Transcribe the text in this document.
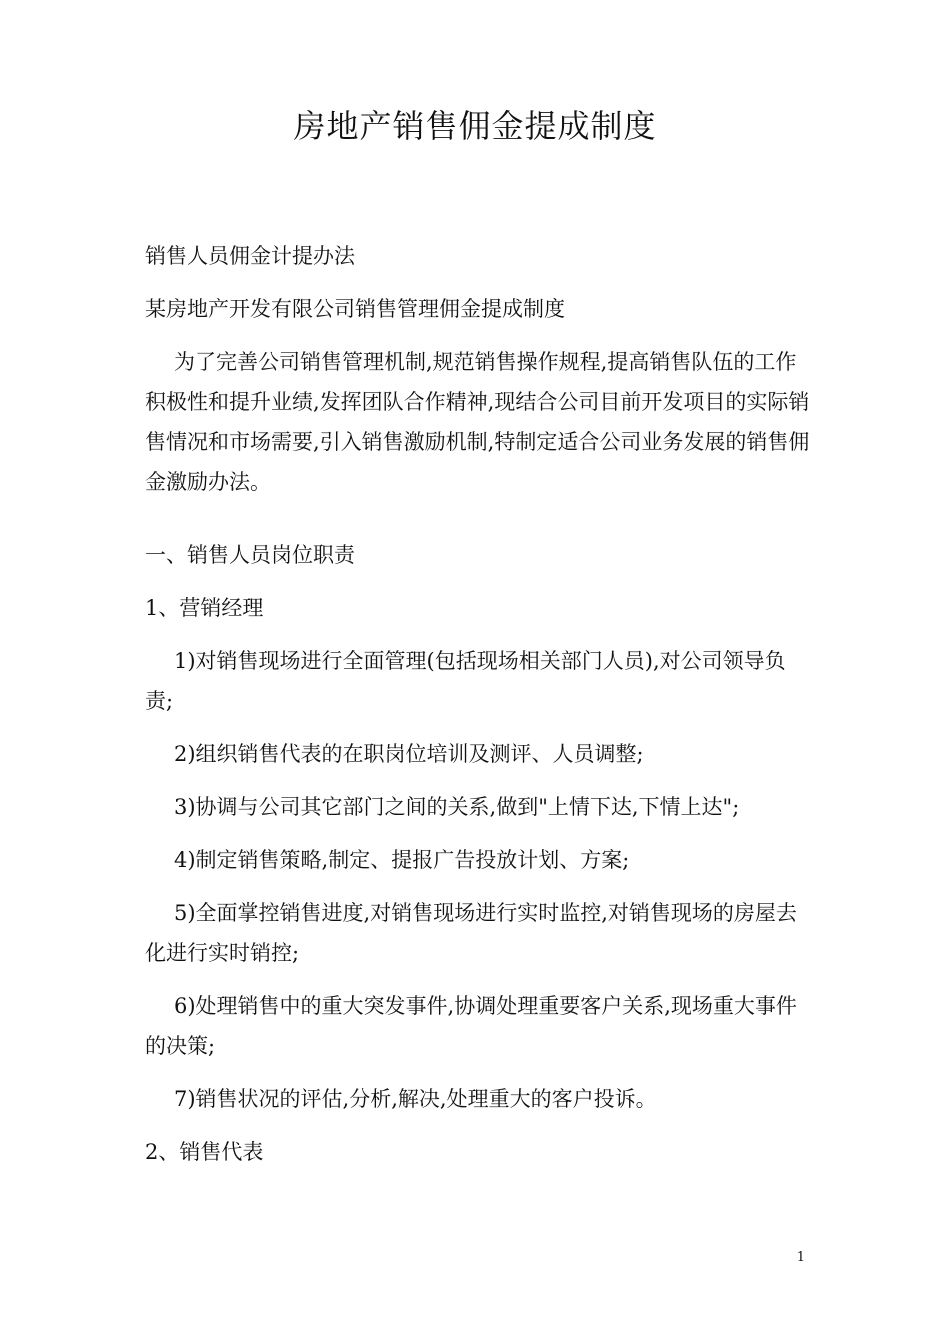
房地产销售佣金提成制度

销售人员佣金计提办法

某房地产开发有限公司销售管理佣金提成制度

为了完善公司销售管理机制,规范销售操作规程,提高销售队伍的工作积极性和提升业绩,发挥团队合作精神,现结合公司目前开发项目的实际销售情况和市场需要,引入销售激励机制,特制定适合公司业务发展的销售佣金激励办法。

一、销售人员岗位职责

1、营销经理

1)对销售现场进行全面管理(包括现场相关部门人员),对公司领导负责;

2)组织销售代表的在职岗位培训及测评、人员调整;

3)协调与公司其它部门之间的关系,做到"上情下达,下情上达";

4)制定销售策略,制定、提报广告投放计划、方案;

5)全面掌控销售进度,对销售现场进行实时监控,对销售现场的房屋去化进行实时销控;

6)处理销售中的重大突发事件,协调处理重要客户关系,现场重大事件的决策;

7)销售状况的评估,分析,解决,处理重大的客户投诉。

2、销售代表

1
